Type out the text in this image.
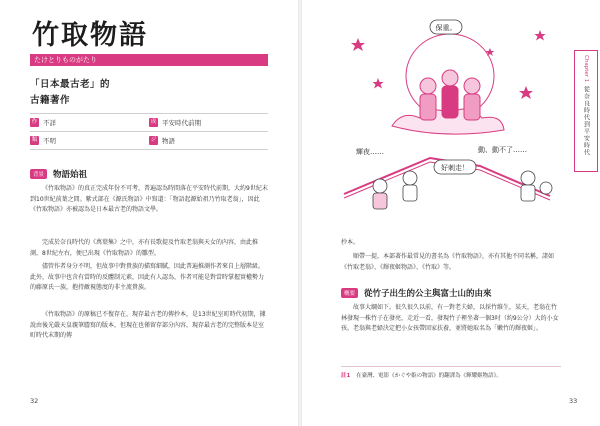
竹取物語
たけとりものがたり
「日本最古老」的
古籍著作
作 不詳	成 平安時代前期
類 不明	ジ 物語
背景	物語始祖

《竹取物語》的真正完成年份不可考，普遍認為時間落在平安時代前期，大約9世紀末到10世紀前葉之間。紫式部在《源氏物語》中寫道：「物語起源始祖乃竹取老翁」，因此《竹取物語》亦被認為是日本最古老的物語文學。

完成於奈良時代的《萬葉集》之中，亦有長歌提及竹取老翁與天女的內容，由此推測，8世紀左右，便已出現《竹取物語》的雛型。

儘管作者身分不明，但故事中對貴族的描寫細膩，因此普遍推測作者來自上層階級。此外，故事中也含有當時的反體制元素，因此有人認為，作者可能是對當時掌握實權勢力的藤原氏一族，抱持敵視態度的非主流貴族。

《竹取物語》的原稿已不復存在，現存最古老的傳抄本，是13世紀室町時代初期，據說由後光嚴天皇親筆謄寫的版本，但現在也僅留存部分內容，現存最古老的完整版本是室町時代末期的傳

32
保重。
輝夜……
好刺走！
動、動不了……
Chapter 1
從奈良時代到平安時代

抄本。

順帶一提，本部著作最常見的書名為《竹取物語》，亦有其他不同名稱，諸如《竹取老翁》、《輝夜姬物語》、《竹取》等。

概要	從竹子出生的公主與富士山的由來

故事大綱如下。很久很久以前，有一對老夫婦，以採竹維生，某天，老翁在竹林發現一株竹子在發亮，走近一看，發現竹子裡坐著一個3吋（約9公分）大的小女孩。老翁與老婦決定把小女孩帶回家扶養，並將她取名為「嫩竹的輝夜姬」。

註1 在臺灣、電影《かぐや姫の物語》的翻譯為《輝耀姬物語》。
33
